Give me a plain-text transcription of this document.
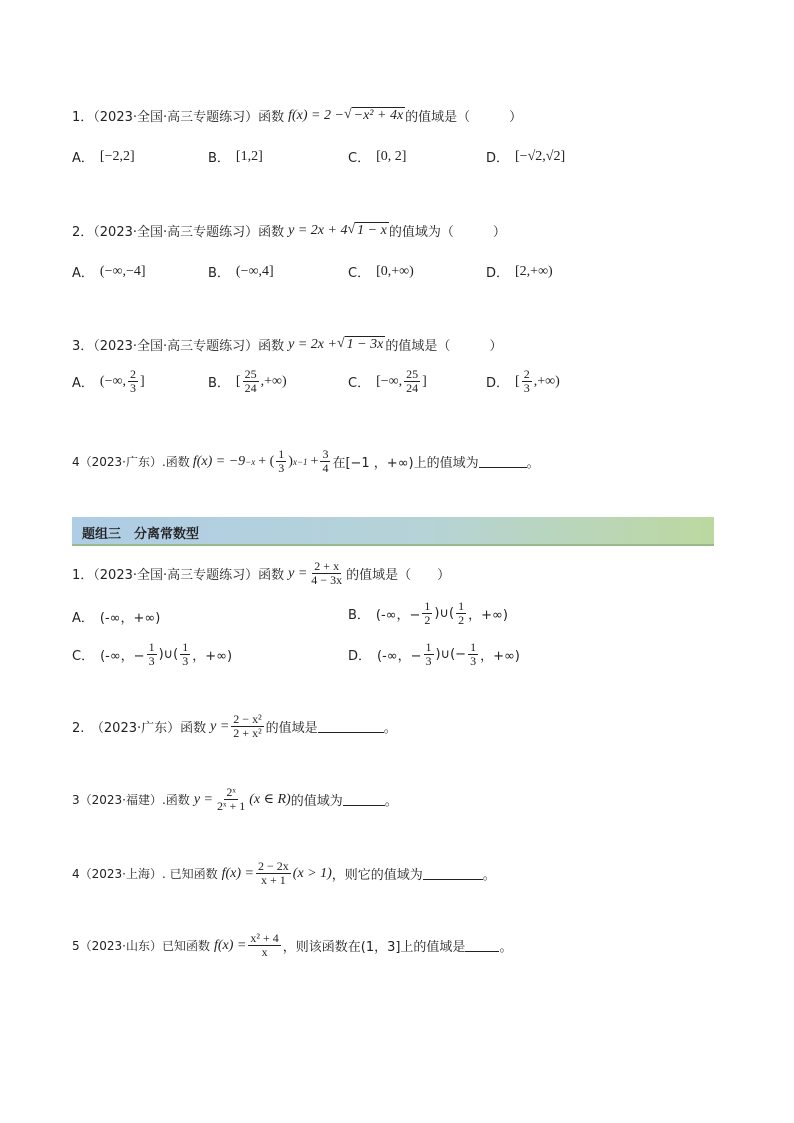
1．（2023·全国·高三专题练习）函数 f(x) = 2 − √ −x² + 4x 的值域是（　　　）
A． [−2,2]	B． [1,2]	C． [0, 2]	D． [−√2,√2]
2．（2023·全国·高三专题练习）函数 y = 2x + 4 √ 1 − x 的值域为（　　　）
A． (−∞,−4]	B． (−∞,4]	C． [0,+∞)	D． [2,+∞)
3．（2023·全国·高三专题练习）函数 y = 2x + √ 1 − 3x 的值域是（　　　）
A． (−∞, $\frac{2}{3}$ ]	B． [ $\frac{25}{24}$ ,+∞)	C． [−∞, $\frac{25}{24}$ ]	D． [ $\frac{2}{3}$ ,+∞)
4（2023·广东）.函数 f(x) = −9 −x + ( $\frac{1}{3}$ ) $x-1 + \frac{3}{4}$ 在[−1 ，+∞) 上的值域为	。
题组三　分离常数型
1．（2023·全国·高三专题练习）函数 $y = \frac{2 + x}{4 - 3x}$ 的值域是（　　）
A． (-∞，+∞)	B． (-∞，− $\frac{1}{2}$ )∪( $\frac{1}{2}$ ，+∞)
C． (-∞，− $\frac{1}{3}$ )∪( $\frac{1}{3}$ ，+∞)	D． (-∞，− $\frac{1}{3}$ )∪(− $\frac{1}{3}$ ，+∞)
2.　（2023·广东）函数 $y = \frac{\text{2 − x²}}{\text{2 + x²}}$ 的值域是	。
3（2023·福建）.函数 $y = \frac{\text{2ˣ}}{\text{2ˣ + 1}} (x$ ∈ R) 的值域为	。
4（2023·上海）. 已知函数 $f(x) = \frac{2 - 2x}{x + 1} (x > 1)$ ，则它的值域为	。
5（2023·山东）已知函数 $f(x) = \frac{\text{x² + 4}}{x}$ ，则该函数在(1，3]上的值域是	。
